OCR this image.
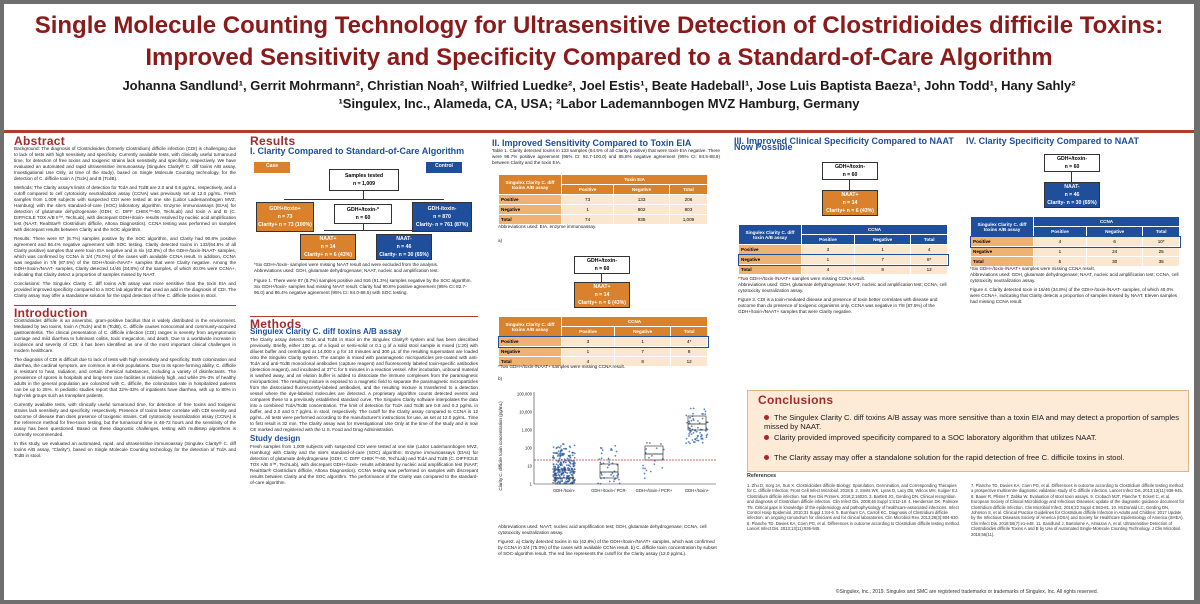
Single Molecule Counting Technology for Ultrasensitive Detection of Clostridioides difficile Toxins:
Improved Sensitivity and Specificity Compared to a Standard-of-Care Algorithm
Johanna Sandlund¹, Gerrit Mohrmann², Christian Noah², Wilfried Luedke², Joel Estis¹, Beate Hadeball¹, Jose Luis Baptista Baeza¹, John Todd¹, Hany Sahly²
¹Singulex, Inc., Alameda, CA, USA; ²Labor Lademannbogen MVZ Hamburg, Germany
Abstract

Background: The diagnosis of Clostridioides (formerly Clostridium) difficile infection (CDI) is challenging due to lack of tests with high sensitivity and specificity. Currently available tests, with clinically useful turnaround time, for detection of free toxins and toxigenic strains lack sensitivity and specificity, respectively. We have evaluated an automated and rapid ultrasensitive immunoassay (Singulex Clarity® C. diff toxins A/B assay, Investigational Use Only, at time of the study), based on Single Molecule Counting technology, for the detection of C. difficile toxin A (TcdA) and B (TcdB).

Methods: The Clarity assay's limits of detection for TcdA and TcdB are 2.0 and 0.6 pg/mL, respectively, and a cutoff compared to cell cytotoxicity neutralization assay (CCNA) was previously set at 12.0 pg/mL. Fresh samples from 1,009 subjects with suspected CDI were tested at one site (Labor Lademannbogen MVZ, Hamburg) with the site's standard-of-care (SOC) laboratory algorithm. Enzyme immunoassays (EIAs) for detection of glutamate dehydrogenase (GDH; C. DIFF CHEK™-60, TechLab) and toxin A and B (C. DIFFICILE TOX A/B II™, TechLab), with discrepant GDH+/toxin- results resolved by nucleic acid amplification test (NAAT, RealStar® Clostridium difficile, Altona Diagnostics). CCNA testing was performed on samples with discrepant results between Clarity and the SOC algorithm.

Results: There were 87 (8.7%) samples positive by the SOC algorithm, and Clarity had 90.8% positive agreement and 86.4% negative agreement with SOC testing. Clarity detected toxins in 133/(64.5% of all Clarity positive) samples that were toxin EIA negative and in six (42.8%) of the GDH+/toxin-/NAAT- samples, which was confirmed by CCNA in 3/4 (75.0%) of the cases with available CCNA result. In addition, CCNA was negative in 7/8 (87.5%) of the GDH+/toxin-/NAAT+ samples that were Clarity negative. Among the GDH+/toxin-/NAAT- samples, Clarity detected 14/46 (34.8%) of the samples, of which 40.0% were CCNA+, indicating that Clarity detect a proportion of samples missed by NAAT.

Conclusions: The Singulex Clarity C. diff toxins A/B assay was more sensitive than the toxin EIA and provided improved specificity compared to a SOC lab algorithm that used an add in the diagnosis of CDI. The Clarity assay may offer a standalone solution for the rapid detection of free C. difficile toxins in stool.

Introduction

Clostridioides difficile is an anaerobic, gram-positive bacillus that is widely distributed in the environment. Mediated by two toxins, toxin A (TcdA) and B (TcdB), C. difficile causes nosocomial and community-acquired gastroenteritis. The clinical presentation of C. difficile infection (CDI) ranges in severity from asymptomatic carriage and mild diarrhea to fulminant colitis, toxic megacolon, and death. Due to a worldwide increase in incidence and severity of CDI, it has been identified as one of the most important clinical challenges in modern healthcare.

The diagnosis of CDI is difficult due to lack of tests with high sensitivity and specificity. Both colonization and diarrhea, the cardinal symptom, are common in at-risk populations. Due to its spore-forming ability, C. difficile is resistant to heat, radiation, and certain chemical substances, including a variety of disinfectants. The prevalence of spores in hospitals and long-term care facilities is relatively high, and while 2%-3% of healthy adults in the general population are colonized with C. difficile, the colonization rate in hospitalized patients can be up to 25%. In pediatric studies report that 32%-33% of inpatients have diarrhea, with up to 80% in high-risk groups such as transplant patients.

Currently available tests, with clinically useful turnaround time, for detection of free toxins and toxigenic strains lack sensitivity and specificity, respectively. Presence of toxins better correlate with CDI severity and outcome of disease than does presence of toxigenic strains. Cell cytotoxicity neutralization assay (CCNA) is the reference method for free-toxin testing, but the turnaround time is 48-72 hours and the sensitivity of the assay has been questioned. Based on these diagnostic challenges, testing with multistep algorithms is currently recommended.

In this study, we evaluated an automated, rapid, and ultrasensitive immunoassay (Singulex Clarity® C. diff toxins A/B assay, "Clarity"), based on Single Molecule Counting technology for the detection of TcdA and TcdB in stool.

Results
I. Clarity Compared to Standard-of-Care Algorithm
Case	Control
Samples tested
n = 1,009
GDH+/toxin+
n = 73
Clarity+ n = 73 (100%)
GDH+/toxin-*
n = 60
GDH-/toxin-
n = 870
Clarity- n = 761 (87%)
NAAT+
n = 14
Clarity+ n = 6 (43%)
NAAT-
n = 46
Clarity- n = 30 (65%)
*Six GDH+/toxin- samples were missing NAAT result and were excluded from the analysis.
Abbreviations used: GDH, glutamate dehydrogenase; NAAT, nucleic acid amplification test.
Figure 1. There were 87 (8.7%) samples positive and 916 (91.3%) samples negative by the SOC algorithm. Six GDH+/toxin- samples had missing NAAT result. Clarity had 90.8% positive agreement (95% CI: 82.7-96.0) and 86.4% negative agreement (95% CI: 84.0-88.5) with SOC testing.
Methods
Singulex Clarity C. diff toxins A/B assay

The Clarity assay detects TcdA and TcdB in stool on the Singulex Clarity® system and has been described previously. Briefly, either 100 μL of a liquid or semi-solid or 0.1 g of a solid stool sample is mixed (1:20) with diluent buffer and centrifuged at 14,000 x g for 10 minutes and 300 μL of the resulting supernatant are loaded onto the Singulex Clarity system. The sample is mixed with paramagnetic microparticles pre-coated with anti-TcdA and anti-TcdB monoclonal antibodies (capture reagent) and fluorescently labeled toxin-specific antibodies (detection reagent), and incubated at 37°C for 5 minutes in a reaction vessel. After incubation, unbound material is washed away, and an elution buffer is added to dissociate the immune complexes from the paramagnetic microparticles. The resulting mixture is exposed to a magnetic field to separate the paramagnetic microparticles from the dissociated fluorescently-labeled antibodies, and the resulting mixture is transferred to a detection vessel where the dye-labeled molecules are detected. A proprietary algorithm counts detected events and compares these to a previously established standard curve. The Singulex Clarity software interpolates the data into a combined TcdA/TcdB concentration. The limit of detection for TcdA and TcdB are 0.8 and 0.3 pg/mL in buffer, and 2.0 and 0.7 pg/mL in stool, respectively. The cutoff for the Clarity assay compared to CCNA is 12 pg/mL. All tests were performed according to the manufacturer's instructions for use, as set at 12.0 pg/mL. Time to first result is 32 min. The Clarity assay was for Investigational Use Only at the time of the study and is now CE marked and registered with the U.S. Food and Drug Administration.

Study design

Fresh samples from 1,009 subjects with suspected CDI were tested at one site (Labor Lademannbogen MVZ, Hamburg) with Clarity and the site's standard-of-care (SOC) algorithm: Enzyme immunoassays (EIAs) for detection of glutamate dehydrogenase (GDH; C. DIFF CHEK™-60, TechLab) and TcdA and TcdB (C. DIFFICILE TOX A/B II™, TechLab), with discrepant GDH+/toxin- results arbitrated by nucleic acid amplification test (NAAT; RealStar® Clostridium difficile, Altona Diagnostics). CCNA testing was performed on samples with discrepant results between Clarity and the SOC algorithm. The performance of the Clarity was compared to the standard-of-care algorithm.

II. Improved Sensitivity Compared to Toxin EIA

Table 1. Clarity detected toxins in 133 samples (64.5% of all Clarity positive) that were toxin-EIA negative. There were 98.7% positive agreement (95% CI: 92.7-100.0) and 85.8% negative agreement (95% CI: 84.5-88.9) between Clarity and the toxin EIA.

Singulex Clarity C. diff toxins A/B assay	Toxin EIA		
	Positive	Negative	Total
Positive	73	133	206
Negative	1	802	803
Total	74	935	1,009
Abbreviations used: EIA, enzyme immunoassay.
a)
GDH+/toxin-
n = 60
NAAT+
n = 14
Clarity+ n = 6 (43%)
Singulex Clarity C. diff toxins A/B assay	CCNA		
	Positive	Negative	Total
Positive	3	1	4*
Negative	1	7	8
Total	4	8	12
*Two GDH+/toxin-/NAAT+ samples were missing CCNA result.
b)
Clarity C. difficile toxin concentration (pg/mL)
100,000
10,000
1,000
100
10
1
GDH-/toxin-	GDH+/toxin-/ PCR- GDH+/toxin-/ PCR+	GDH+/toxin+
Abbreviations used: NAAT, nucleic acid amplification test; GDH, glutamate dehydrogenase; CCNA, cell cytotoxicity neutralization assay.
Figure2. a) Clarity detected toxins in six (42.8%) of the GDH+/toxin-/NAAT+ samples, which was confirmed by CCNA in 3/4 (75.0%) of the cases with available CCNA result. b) C. difficile toxin concentration by subset of SOC-algorithm result. The red line represents the cutoff for the Clarity assay (12.0 pg/mL).
III. Improved Clinical Specificity Compared to NAAT Now Possible
GDH+/toxin-
n = 60
NAAT+
n = 14
Clarity+ n = 6 (43%)
Singulex Clarity C. diff toxin A/B assay	CCNA		
	Positive	Negative	Total
Positive	3	1	4
Negative	1	7	8*
Total	4	8	12
*Two GDH+/toxin-/NAAT+ samples were missing CCNA result.
Abbreviations used: GDH, glutamate dehydrogenase; NAAT, nucleic acid amplification test; CCNA, cell cytotoxicity neutralization assay.
Figure 3. CDI is a toxin-mediated disease and presence of toxin better correlates with disease and outcome than do presence of toxigenic organisms only. CCNA was negative in 7/8 (87.5%) of the GDH+/toxin-/NAAT+ samples that were Clarity negative.
IV. Clarity Specificity Compared to NAAT
GDH+/toxin-
n = 60
NAAT-
n = 46
Clarity- n = 30 (65%)
Singulex Clarity C. diff toxins A/B assay	CCNA		
	Positive	Negative	Total
Positive	4	6	10*
Negative	1	24	25
Total	5	30	35
*Six GDH+/toxin-/NAAT+ samples were missing CCNA result.
Abbreviations used: GDH, glutamate dehydrogenase; NAAT, nucleic acid amplification test; CCNA, cell cytotoxicity neutralization assay.
Figure 4. Clarity detected toxin in 16/46 (34.8%) of the GDH+/toxin-/NAAT- samples, of which 40.0% were CCNA+, indicating that Clarity detects a proportion of samples missed by NAAT. Eleven samples had missing CCNA result.
Conclusions
The Singulex Clarity C. diff toxins A/B assay was more sensitive than a toxin EIA and may detect a proportion of samples missed by NAAT.
Clarity provided improved specificity compared to a SOC laboratory algorithm that utilizes NAAT.
The Clarity assay may offer a standalone solution for the rapid detection of free C. difficile toxins in stool.
References
1. Zhu D, Sorg JA, Sun X. Clostridioides difficile Biology: Sporulation, Germination, and Corresponding Therapies for C. difficile Infection. Front Cell Infect Microbiol. 2018;8. 2. Smits WK, Lyras D, Lacy DB, Wilcox MH, Kuijper EJ. Clostridium difficile infection. Nat Rev Dis Primers. 2016;2:16020. 3. Bartlett JG, Gerding DN. Clinical recognition and diagnosis of Clostridium difficile infection. Clin Infect Dis. 2008;46 Suppl 1:S12-18. 4. Henderson DK, Palmore TN. Critical gaps in knowledge of the epidemiology and pathophysiology of healthcare-associated infections. Infect Control Hosp Epidemiol. 2010;31 Suppl 1:S4-6. 5. Burnham CA, Carroll KC. Diagnosis of Clostridium difficile infection: an ongoing conundrum for clinicians and for clinical laboratories. Clin Microbiol Rev. 2013;26(3):604-630. 6. Planche TD, Davies KA, Coen PG, et al. Differences in outcome according to Clostridium difficile testing method. Lancet Infect Dis. 2013;13(11):936-945.
7. Planche TD, Davies KA, Coen PG, et al. Differences in outcome according to Clostridium difficile testing method: a prospective multicentre diagnostic validation study of C difficile infection. Lancet Infect Dis. 2013;13(11):936-945. 8. Bauer R, Pfister T, Zabka W. Evaluation of stool toxin assays. 9. Crobach MJT, Planche T, Eckert C, et al. European Society of Clinical Microbiology and Infectious Diseases: update of the diagnostic guidance document for Clostridium difficile infection. Clin Microbiol Infect. 2016;22 Suppl 4:S63-81. 10. McDonald LC, Gerding DN, Johnson S, et al. Clinical Practice Guidelines for Clostridium difficile Infection in Adults and Children: 2017 Update by the Infectious Diseases Society of America (IDSA) and Society for Healthcare Epidemiology of America (SHEA). Clin Infect Dis. 2018;66(7):e1-e48. 11. Sandlund J, Bartolome A, Almazan A, et al. Ultrasensitive Detection of Clostridioides difficile Toxins A and B by Use of Automated Single-Molecule Counting Technology. J Clin Microbiol. 2018;56(11).
©Singulex, Inc., 2019. Singulex and SMC are registered trademarks or trademarks of Singulex, Inc. All rights reserved.
